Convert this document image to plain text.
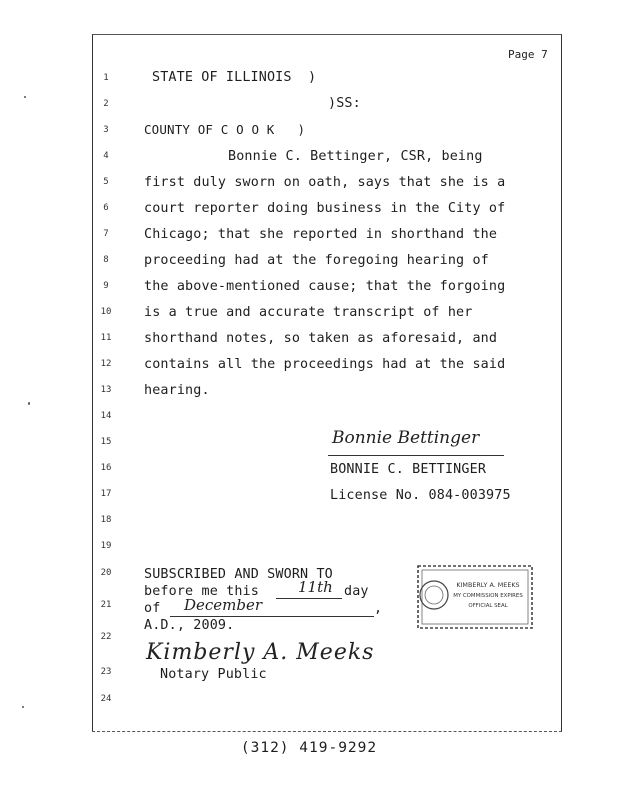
Page 7
1
2
3
4
5
6
7
8
9
10
11
12
13
14
15
16
17
18
19
20
21
22
23
24
STATE OF ILLINOIS  )
)SS:
COUNTY OF C O O K   )
Bonnie C. Bettinger, CSR, being
first duly sworn on oath, says that she is a
court reporter doing business in the City of
Chicago; that she reported in shorthand the
proceeding had at the foregoing hearing of
the above-mentioned cause; that the forgoing
is a true and accurate transcript of her
shorthand notes, so taken as aforesaid, and
contains all the proceedings had at the said
hearing.
Bonnie Bettinger
BONNIE C. BETTINGER
License No. 084-003975
SUBSCRIBED AND SWORN TO
before me this	11th day
of December	,
A.D., 2009.
Kimberly A. Meeks
Notary Public
KIMBERLY A. MEEKS
MY COMMISSION EXPIRES
OFFICIAL SEAL
(312) 419-9292
